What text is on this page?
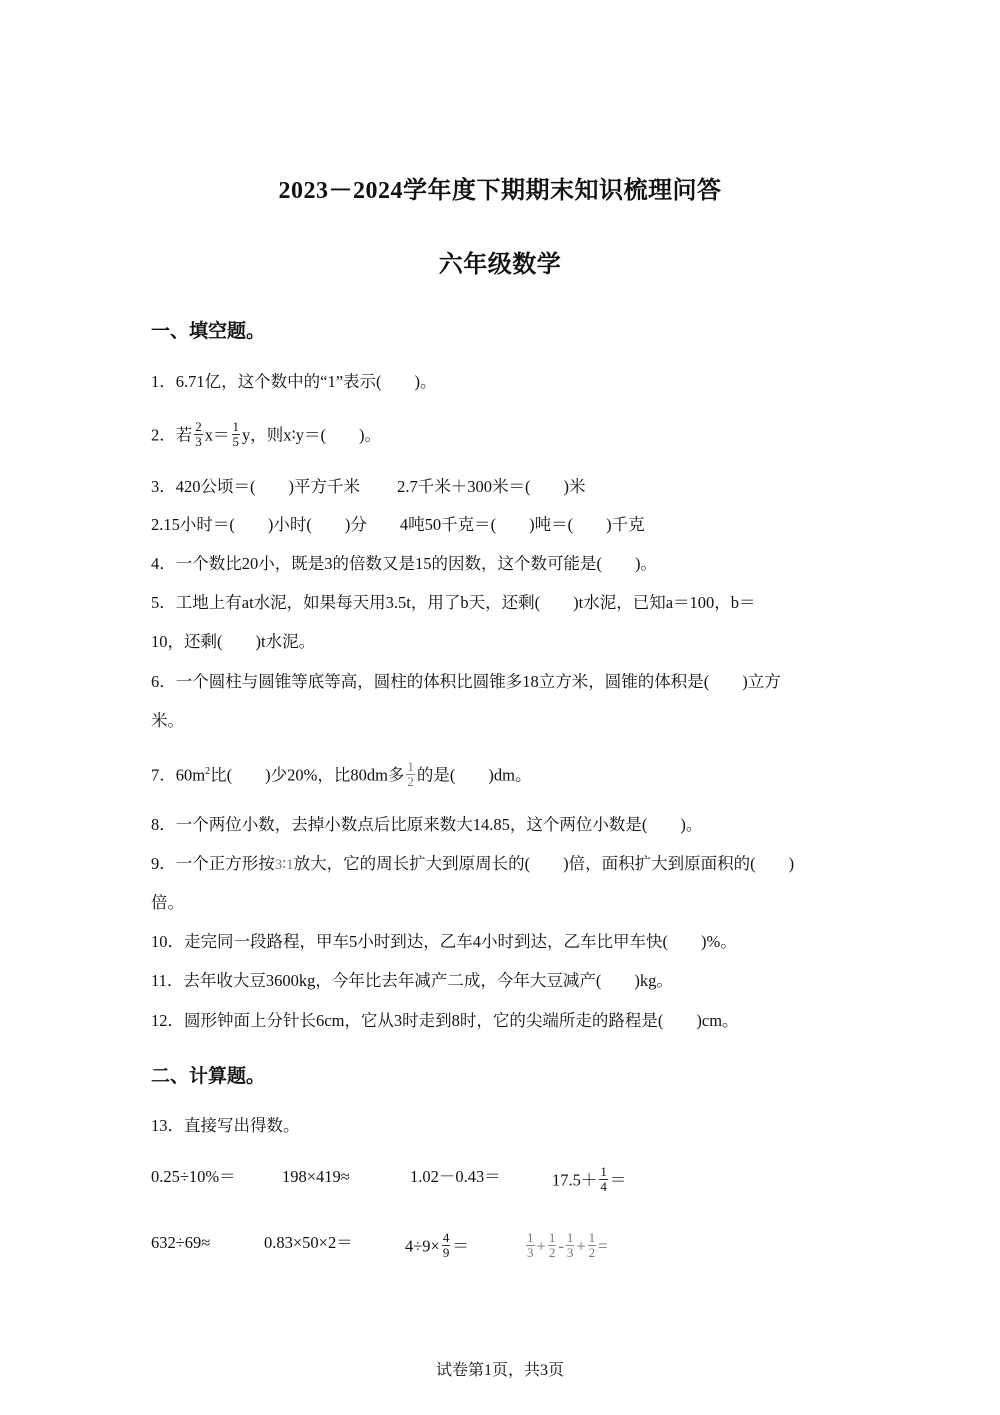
2023－2024学年度下期期末知识梳理问答
六年级数学
一、填空题。
1．6.71亿，这个数中的“1”表示(　　)。
2．若 $\frac{2}{3} x= \frac{1}{5}$ y，则x∶y＝(　　)。
3．420公顷＝(　　)平方千米　　 2.7千米＋300米＝(　　)米
2.15小时＝(　　)小时(　　)分　　4吨50千克＝(　　)吨＝(　　)千克
4．一个数比20小，既是3的倍数又是15的因数，这个数可能是(　　)。
5．工地上有at水泥，如果每天用3.5t，用了b天，还剩(　　)t水泥，已知a＝100，b＝
10，还剩(　　)t水泥。
6．一个圆柱与圆锥等底等高，圆柱的体积比圆锥多18立方米，圆锥的体积是(　　)立方
米。
7．$60m^2$比(　　)少20%，比80dm多 $\frac{1}{2}$ 的是(　　)dm。
8．一个两位小数，去掉小数点后比原来数大14.85，这个两位小数是(　　)。
9．一个正方形按3∶1放大，它的周长扩大到原周长的(　　)倍，面积扩大到原面积的(　　)
倍。
10．走完同一段路程，甲车5小时到达，乙车4小时到达，乙车比甲车快(　　)%。
11．去年收大豆3600kg，今年比去年减产二成，今年大豆减产(　　)kg。
12．圆形钟面上分针长6cm，它从3时走到8时，它的尖端所走的路程是(　　)cm。
二、计算题。
13．直接写出得数。
0.25÷10%＝	198×419≈	1.02－0.43＝	$17.5+ \frac{1}{4}$ ＝
632÷69≈	0.83×50×2＝	$4\div 9\times \frac{4}{9}$ ＝	$\frac{1}{3} + \frac{1}{2} - \frac{1}{3} + \frac{1}{2}$ =
试卷第1页，共3页
